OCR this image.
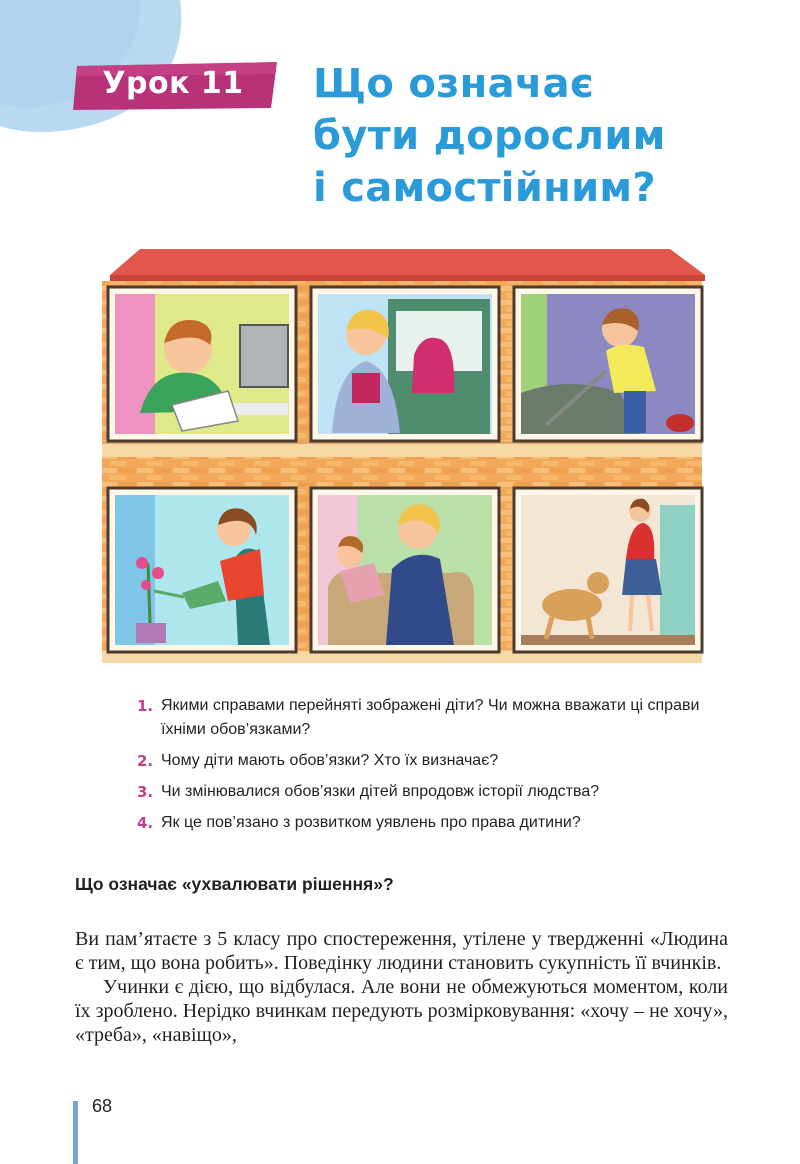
Урок 11	Що означає
бути дорослим
і самостійним?
1. Якими справами перейняті зображені діти? Чи можна вважати ці справи їхніми обов’язками?
2. Чому діти мають обов’язки? Хто їх визначає?
3. Чи змінювалися обов’язки дітей впродовж історії людства?
4. Як це пов’язано з розвитком уявлень про права дитини?
Що означає «ухвалювати рішення»?

Ви пам’ятаєте з 5 класу про спостереження, утілене у твердженні «Людина є тим, що вона робить». Поведінку людини становить сукупність її вчинків.

Учинки є дією, що відбулася. Але вони не обмежуються моментом, коли їх зроблено. Нерідко вчинкам передують розмірковування: «хочу – не хочу», «треба», «навіщо»,

68
